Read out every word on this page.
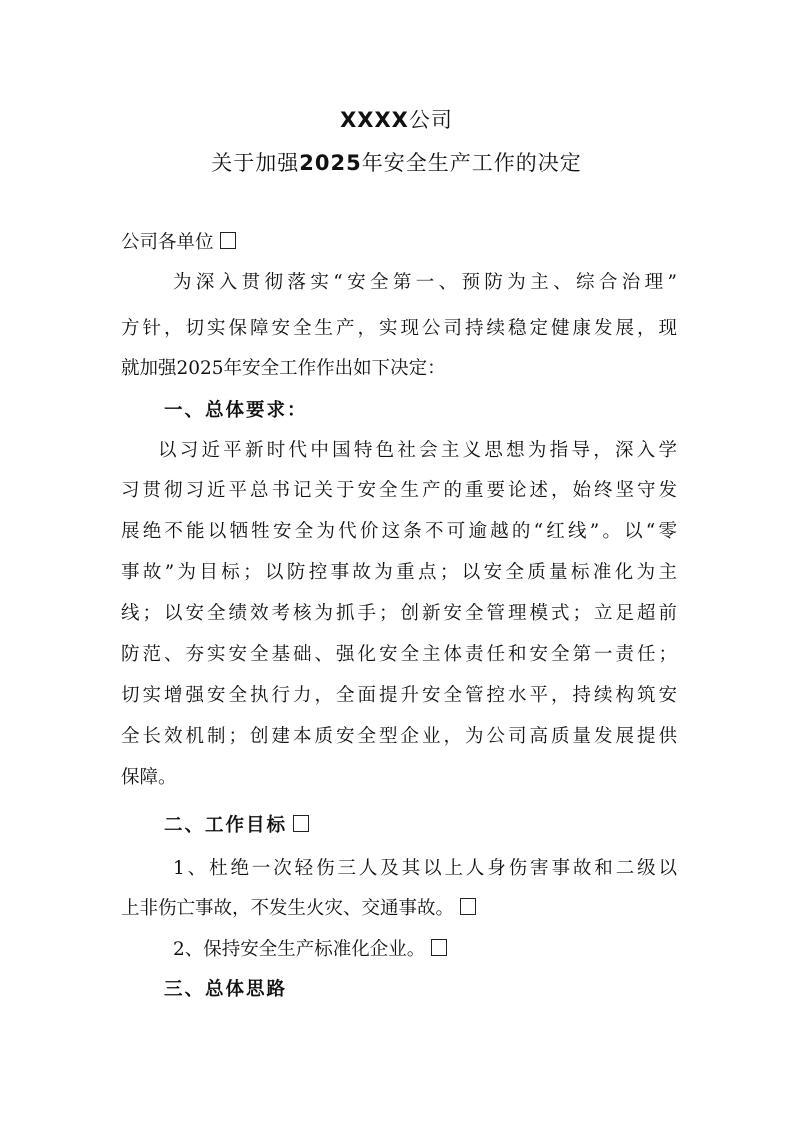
XXXX公司
关于加强2025年安全生产工作的决定
公司各单位
为深入贯彻落实“安全第一、预防为主、综合治理”
方针，切实保障安全生产，实现公司持续稳定健康发展，现
就加强2025年安全工作作出如下决定：
一、总体要求：
以习近平新时代中国特色社会主义思想为指导，深入学
习贯彻习近平总书记关于安全生产的重要论述，始终坚守发
展绝不能以牺牲安全为代价这条不可逾越的“红线”。以“零
事故”为目标；以防控事故为重点；以安全质量标准化为主
线；以安全绩效考核为抓手；创新安全管理模式；立足超前
防范、夯实安全基础、强化安全主体责任和安全第一责任；
切实增强安全执行力，全面提升安全管控水平，持续构筑安
全长效机制；创建本质安全型企业，为公司高质量发展提供
保障。
二、工作目标
1、杜绝一次轻伤三人及其以上人身伤害事故和二级以
上非伤亡事故，不发生火灾、交通事故。
2、保持安全生产标准化企业。
三、总体思路
